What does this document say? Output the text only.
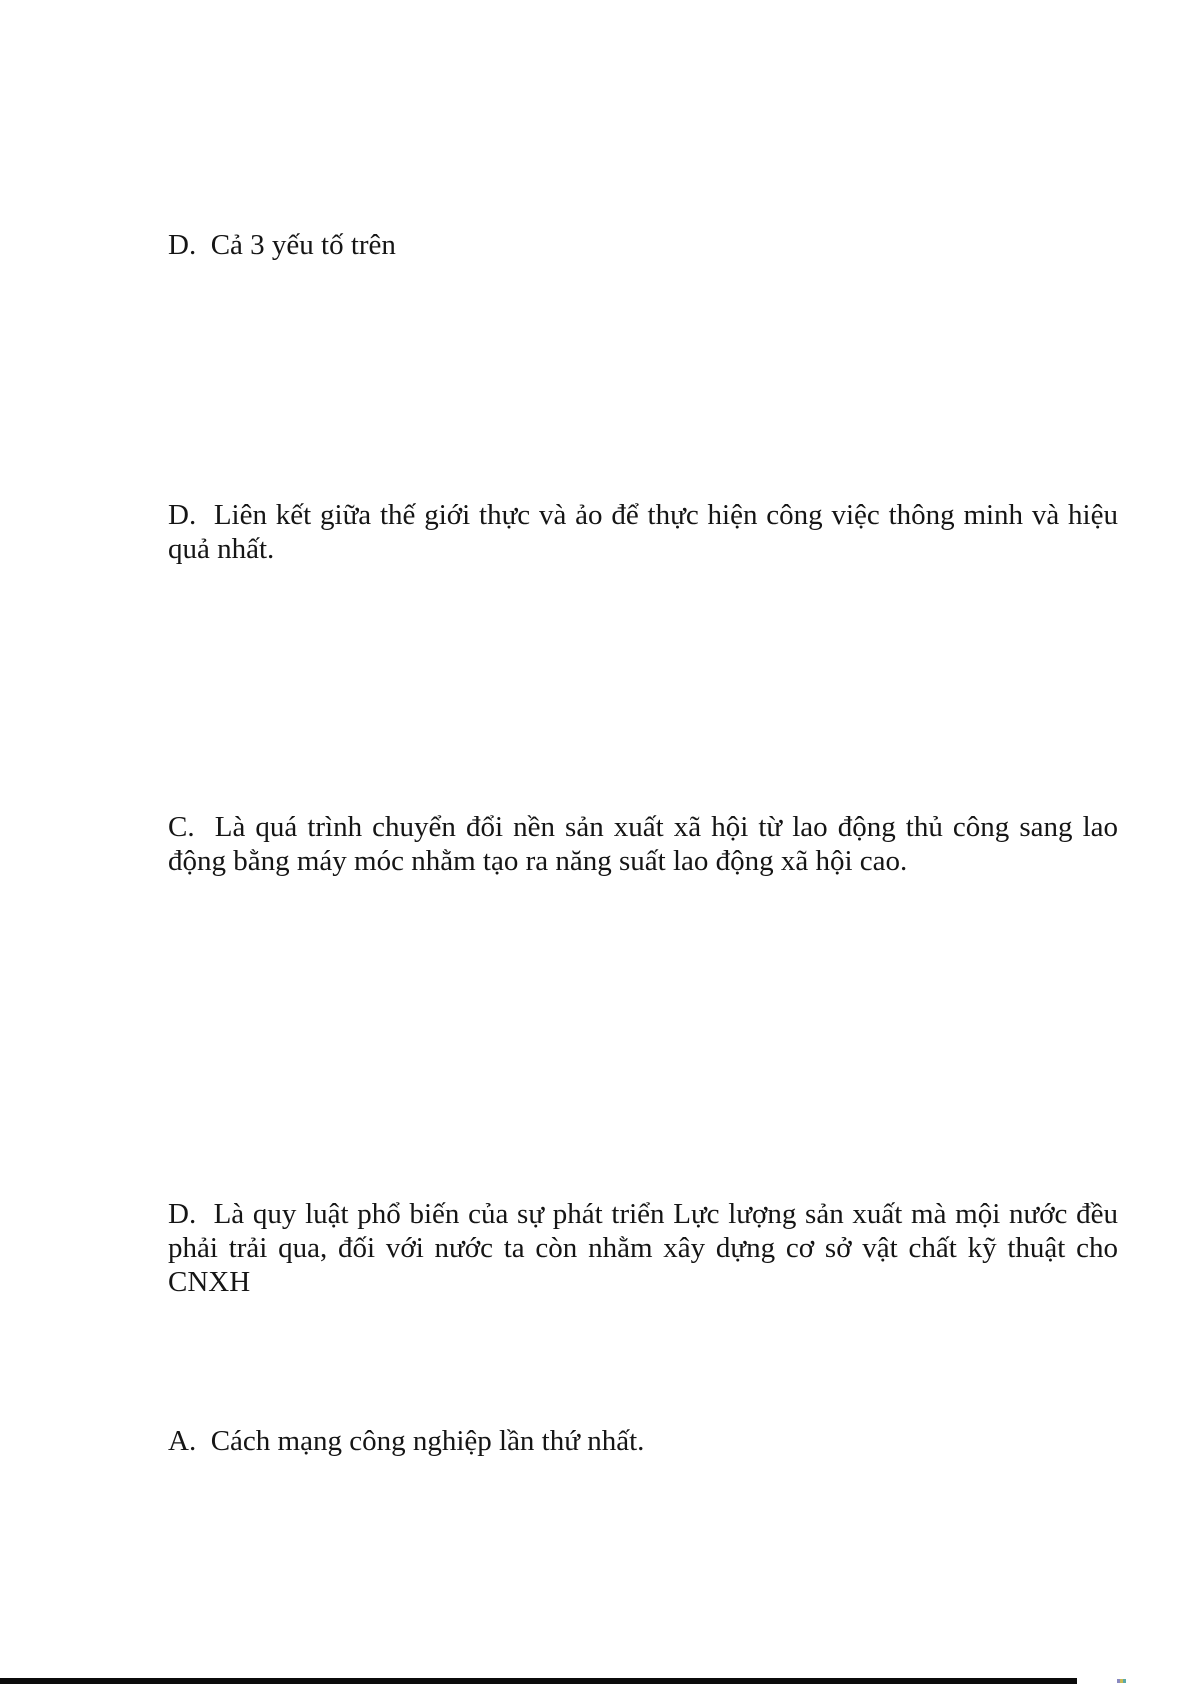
D.  Cả 3 yếu tố trên
D.  Liên kết giữa thế giới thực và ảo để thực hiện công việc thông minh và hiệu
quả nhất.
C.  Là quá trình chuyển đổi nền sản xuất xã hội từ lao động thủ công sang lao
động bằng máy móc nhằm tạo ra năng suất lao động xã hội cao.
D.  Là quy luật phổ biến của sự phát triển Lực lượng sản xuất mà mội nước đều
phải trải qua, đối với nước ta còn nhằm xây dựng cơ sở vật chất kỹ thuật cho
CNXH
A.  Cách mạng công nghiệp lần thứ nhất.
